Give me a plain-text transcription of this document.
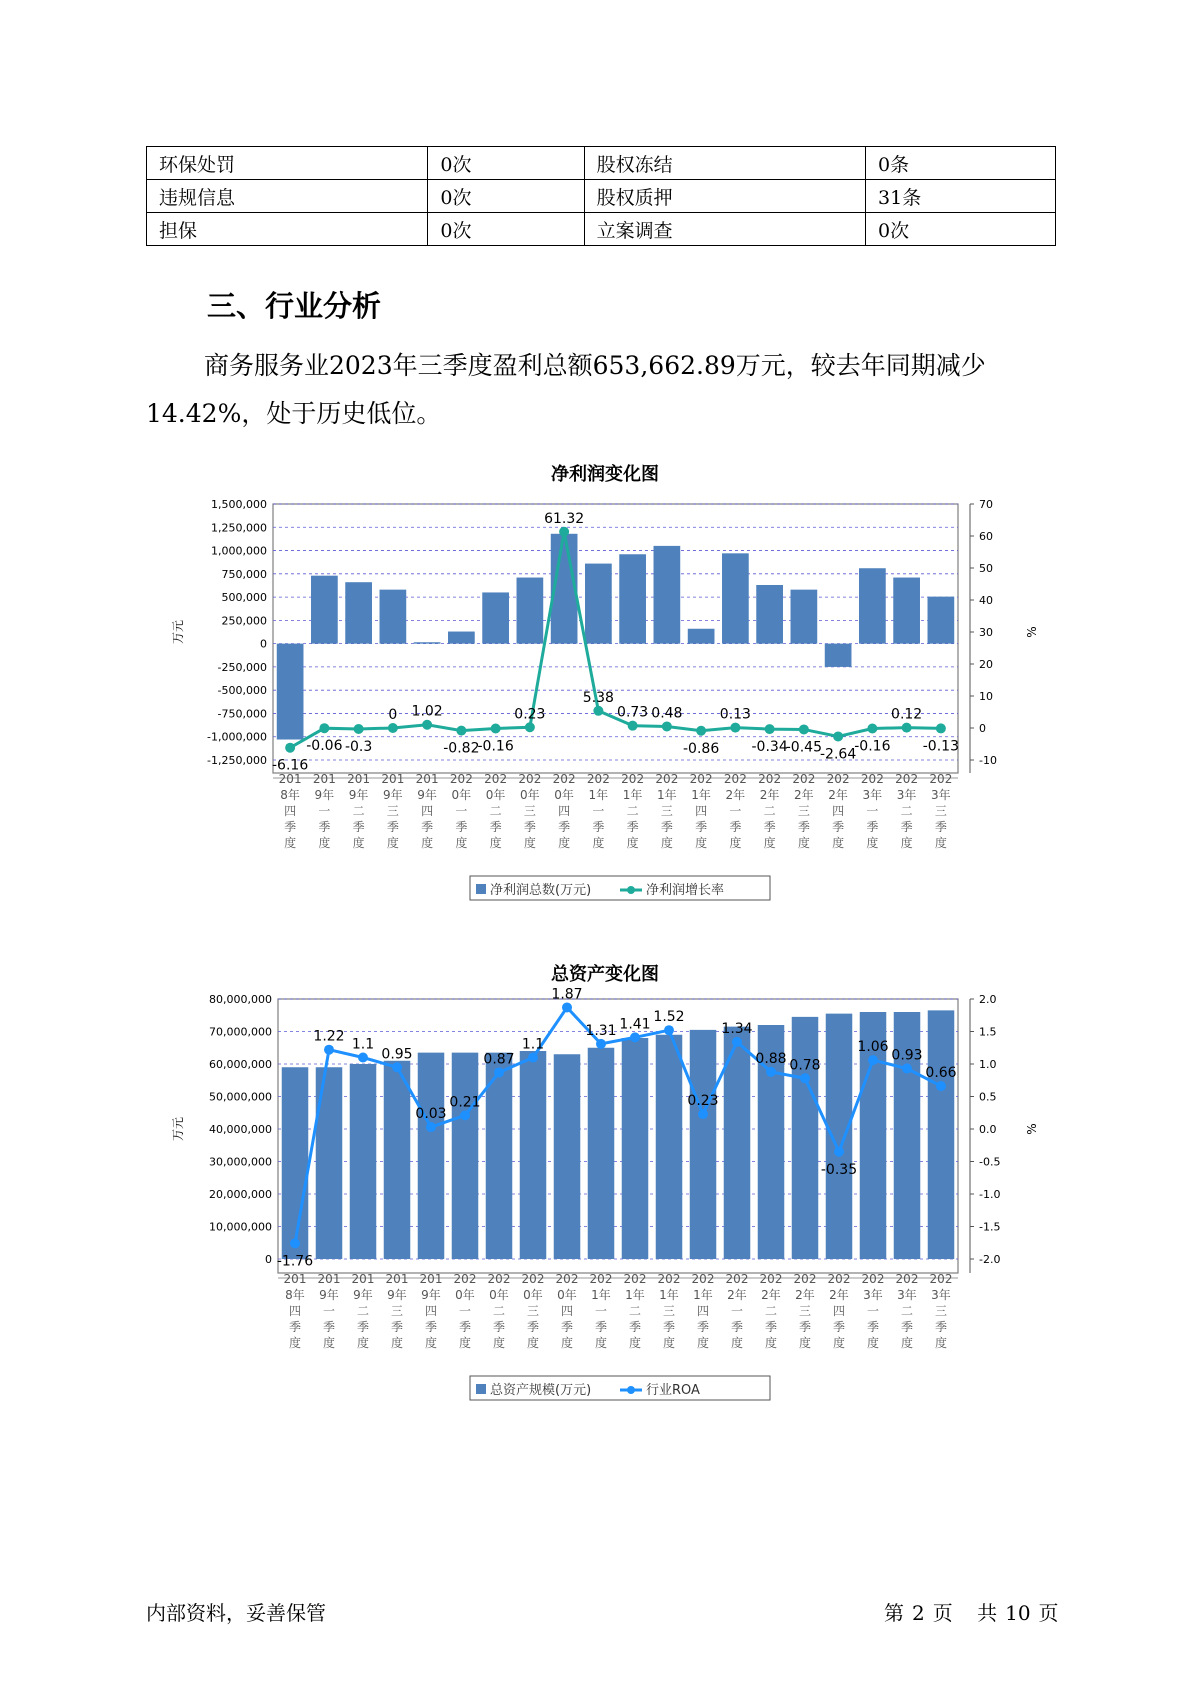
环保处罚	0次	股权冻结	0条
违规信息	0次	股权质押	31条
担保	0次	立案调查	0次
三、行业分析

商务服务业2023年三季度盈利总额653,662.89万元，较去年同期减少14.42%，处于历史低位。

净利润变化图
1,500,000
1,250,000
1,000,000
750,000
500,000
250,000
0
-250,000
-500,000
-750,000
-1,000,000
-1,250,000
70
60
50
40
30
20
10
0
-10
万元	%
-6.16
-0.06 -0.3
0 1.02
-0.82
-0.16
0.23
61.32
5.38
0.73 0.48
-0.86
0.13
-0.34
-0.45
-2.64
-0.16
0.12
-0.13
201
8年
四
季
度
201
9年
一
季
度
201
9年
二
季
度
201
9年
三
季
度
201
9年
四
季
度
202
0年
一
季
度
202
0年
二
季
度
202
0年
三
季
度
202
0年
四
季
度
202
1年
一
季
度
202
1年
二
季
度
202
1年
三
季
度
202
1年
四
季
度
202
2年
一
季
度
202
2年
二
季
度
202
2年
三
季
度
202
2年
四
季
度
202
3年
一
季
度
202
3年
二
季
度
202
3年
三
季
度
净利润总数(万元)	净利润增长率
总资产变化图
80,000,000
70,000,000
60,000,000
50,000,000
40,000,000
30,000,000
20,000,000
10,000,000
0
2.0
1.5
1.0
0.5
0.0
-0.5
-1.0
-1.5
-2.0
万元	%
-1.76
1.22 1.1
0.95
0.03
0.21
0.87
1.1
1.87
1.31 1.41 1.52
0.23
1.34
0.88 0.78
-0.35
1.06
0.93
0.66
201
8年
四
季
度
201
9年
一
季
度
201
9年
二
季
度
201
9年
三
季
度
201
9年
四
季
度
202
0年
一
季
度
202
0年
二
季
度
202
0年
三
季
度
202
0年
四
季
度
202
1年
一
季
度
202
1年
二
季
度
202
1年
三
季
度
202
1年
四
季
度
202
2年
一
季
度
202
2年
二
季
度
202
2年
三
季
度
202
2年
四
季
度
202
3年
一
季
度
202
3年
二
季
度
202
3年
三
季
度
总资产规模(万元)	行业ROA
内部资料，妥善保管	第 2 页 共 10 页
